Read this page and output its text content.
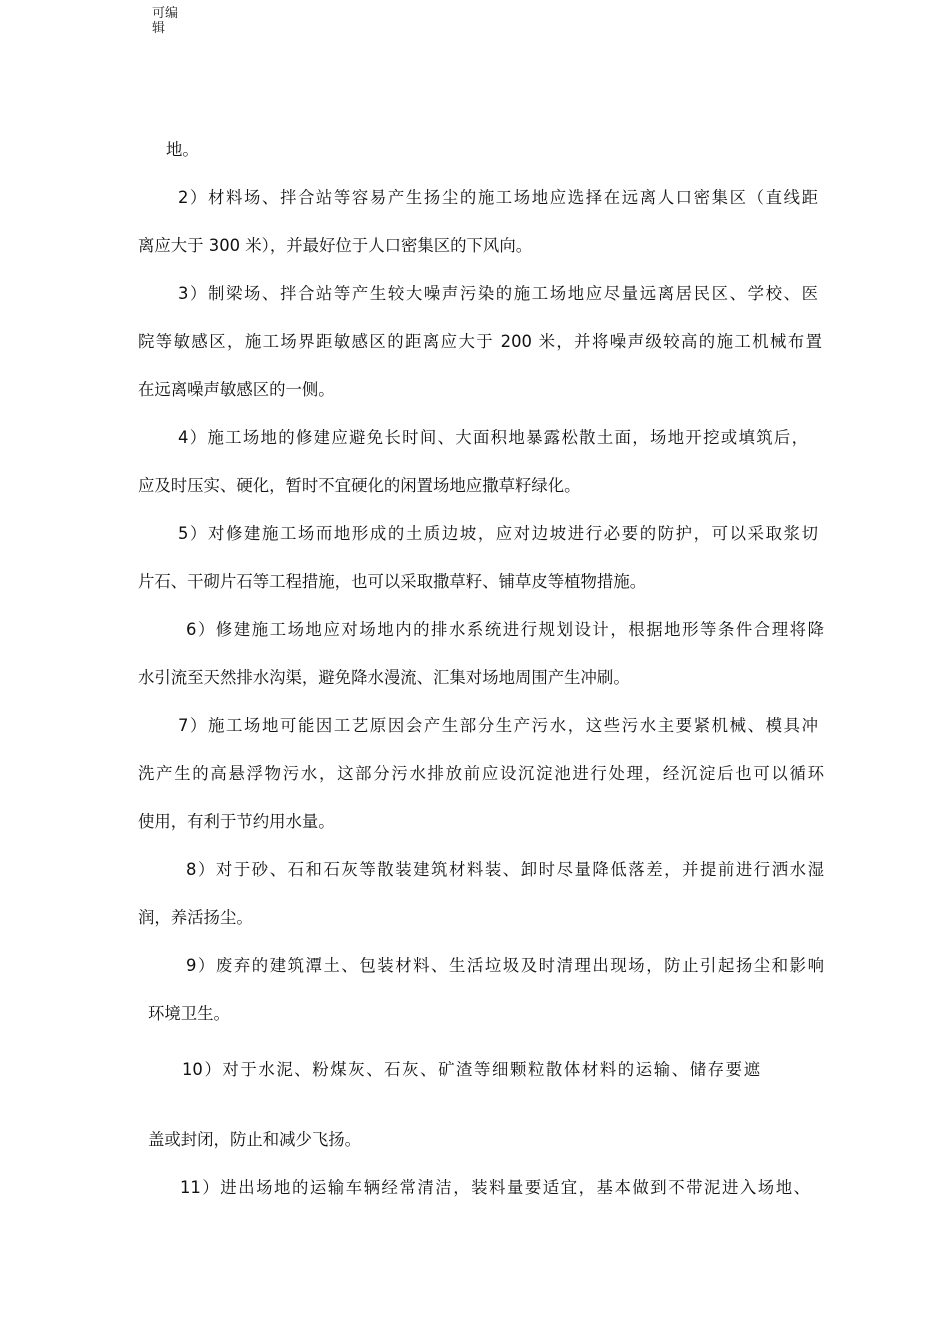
可编
辑
地。
2）材料场、拌合站等容易产生扬尘的施工场地应选择在远离人口密集区（直线距
离应大于 300 米），并最好位于人口密集区的下风向。
3）制梁场、拌合站等产生较大噪声污染的施工场地应尽量远离居民区、学校、医
院等敏感区，施工场界距敏感区的距离应大于 200 米，并将噪声级较高的施工机械布置
在远离噪声敏感区的一侧。
4）施工场地的修建应避免长时间、大面积地暴露松散土面，场地开挖或填筑后，
应及时压实、硬化，暂时不宜硬化的闲置场地应撒草籽绿化。
5）对修建施工场而地形成的土质边坡，应对边坡进行必要的防护，可以采取浆切
片石、干砌片石等工程措施，也可以采取撒草籽、铺草皮等植物措施。
6）修建施工场地应对场地内的排水系统进行规划设计，根据地形等条件合理将降
水引流至天然排水沟渠，避免降水漫流、汇集对场地周围产生冲刷。
7）施工场地可能因工艺原因会产生部分生产污水，这些污水主要紧机械、模具冲
洗产生的高悬浮物污水，这部分污水排放前应设沉淀池进行处理，经沉淀后也可以循环
使用，有利于节约用水量。
8）对于砂、石和石灰等散装建筑材料装、卸时尽量降低落差，并提前进行洒水湿
润，养活扬尘。
9）废弃的建筑潭土、包装材料、生活垃圾及时清理出现场，防止引起扬尘和影响
环境卫生。
10）对于水泥、粉煤灰、石灰、矿渣等细颗粒散体材料的运输、储存要遮
盖或封闭，防止和减少飞扬。
11）进出场地的运输车辆经常清洁，装料量要适宜，基本做到不带泥进入场地、
